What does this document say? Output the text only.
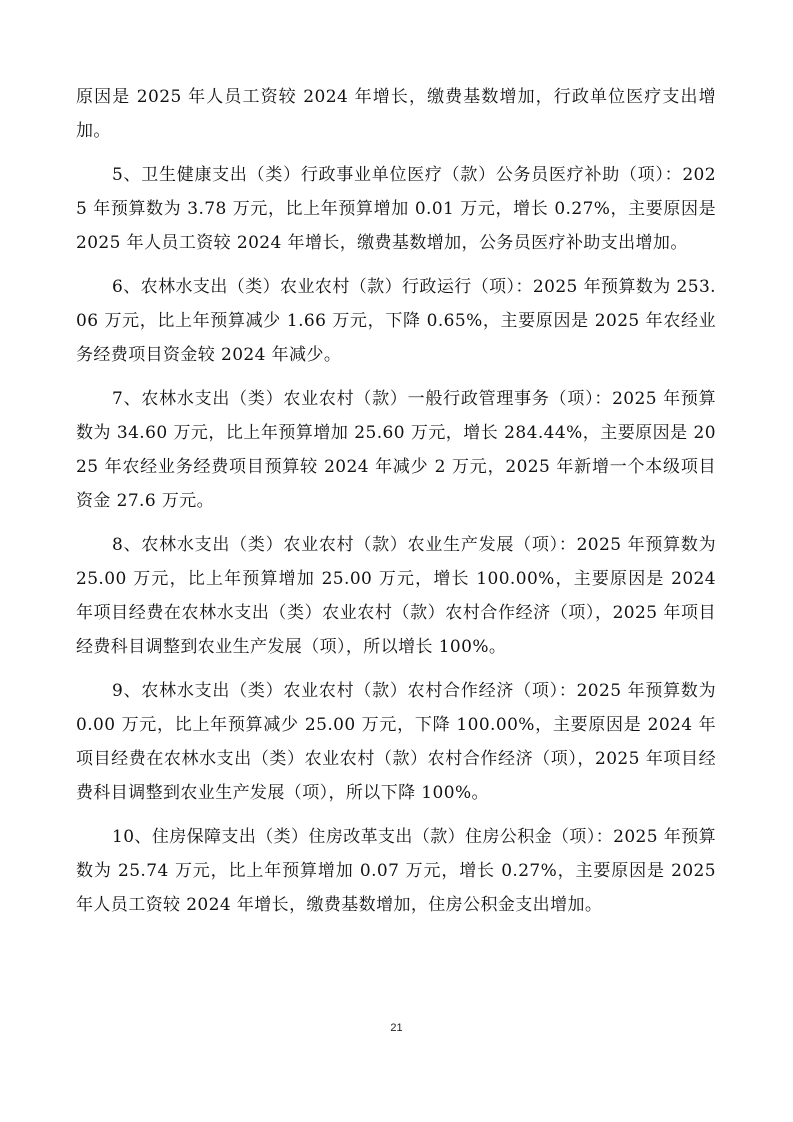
原因是 2025 年人员工资较 2024 年增长，缴费基数增加，行政单位医疗支出增加。

5、卫生健康支出（类）行政事业单位医疗（款）公务员医疗补助（项）：2025 年预算数为 3.78 万元，比上年预算增加 0.01 万元，增长 0.27%，主要原因是 2025 年人员工资较 2024 年增长，缴费基数增加，公务员医疗补助支出增加。

6、农林水支出（类）农业农村（款）行政运行（项）：2025 年预算数为 253.06 万元，比上年预算减少 1.66 万元，下降 0.65%，主要原因是 2025 年农经业务经费项目资金较 2024 年减少。

7、农林水支出（类）农业农村（款）一般行政管理事务（项）：2025 年预算数为 34.60 万元，比上年预算增加 25.60 万元，增长 284.44%，主要原因是 2025 年农经业务经费项目预算较 2024 年减少 2 万元，2025 年新增一个本级项目资金 27.6 万元。

8、农林水支出（类）农业农村（款）农业生产发展（项）：2025 年预算数为 25.00 万元，比上年预算增加 25.00 万元，增长 100.00%，主要原因是 2024 年项目经费在农林水支出（类）农业农村（款）农村合作经济（项），2025 年项目经费科目调整到农业生产发展（项），所以增长 100%。

9、农林水支出（类）农业农村（款）农村合作经济（项）：2025 年预算数为 0.00 万元，比上年预算减少 25.00 万元，下降 100.00%，主要原因是 2024 年项目经费在农林水支出（类）农业农村（款）农村合作经济（项），2025 年项目经费科目调整到农业生产发展（项），所以下降 100%。

10、住房保障支出（类）住房改革支出（款）住房公积金（项）：2025 年预算数为 25.74 万元，比上年预算增加 0.07 万元，增长 0.27%，主要原因是 2025 年人员工资较 2024 年增长，缴费基数增加，住房公积金支出增加。

21
